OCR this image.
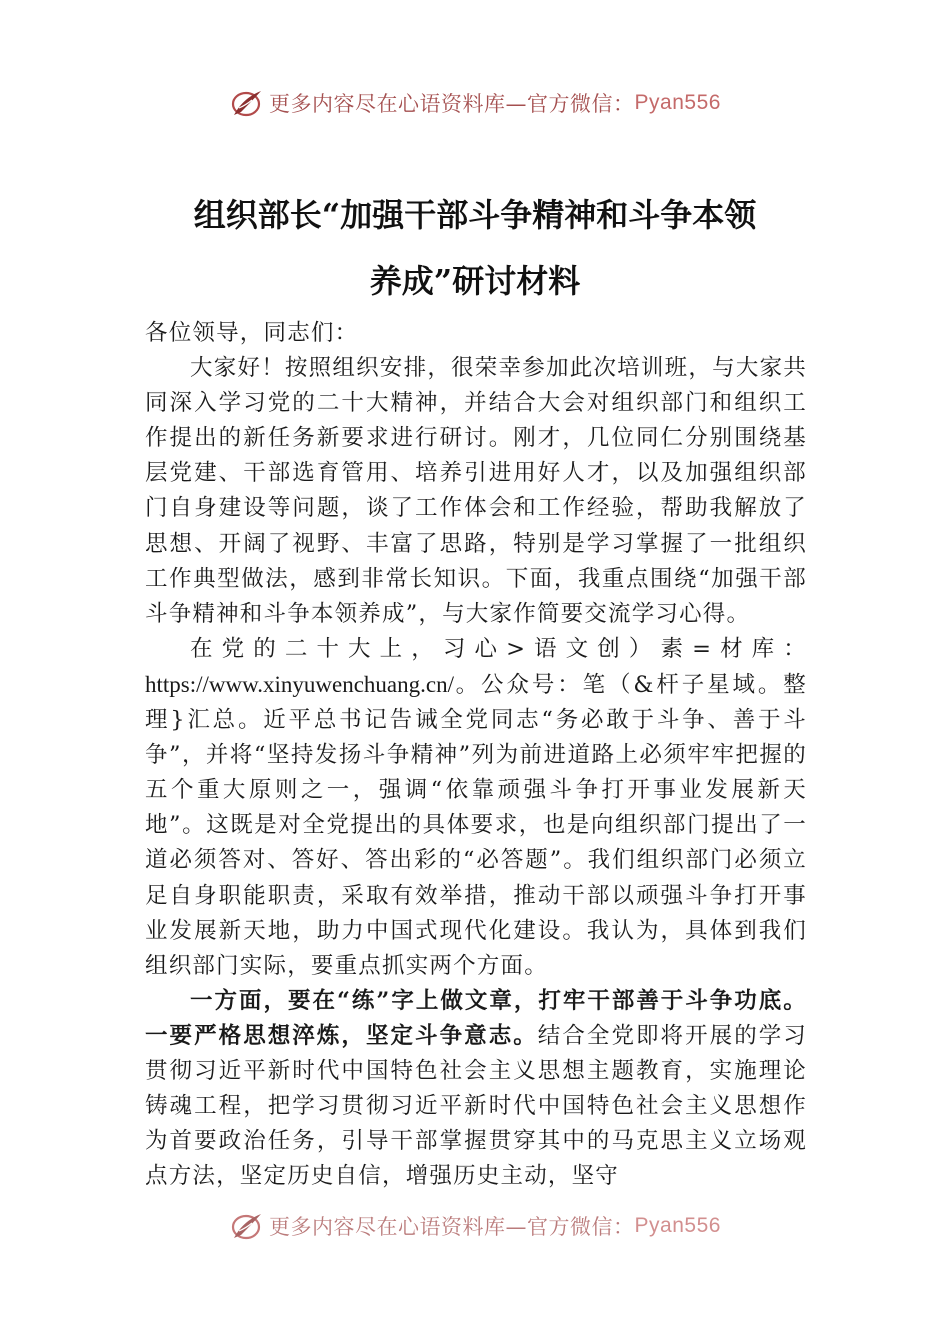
更多内容尽在心语资料库—官方微信：Pyan556
组织部长“加强干部斗争精神和斗争本领
养成”研讨材料

各位领导，同志们：

大家好！按照组织安排，很荣幸参加此次培训班，与大家共同深入学习党的二十大精神，并结合大会对组织部门和组织工作提出的新任务新要求进行研讨。刚才，几位同仁分别围绕基层党建、干部选育管用、培养引进用好人才，以及加强组织部门自身建设等问题，谈了工作体会和工作经验，帮助我解放了思想、开阔了视野、丰富了思路，特别是学习掌握了一批组织工作典型做法，感到非常长知识。下面，我重点围绕“加强干部斗争精神和斗争本领养成”，与大家作简要交流学习心得。

在党的二十大上，习心>语文创）素=材库：https://www.xinyuwenchuang.cn/。公众号：笔（&杆子星域。整理}汇总。近平总书记告诫全党同志“务必敢于斗争、善于斗争”，并将“坚持发扬斗争精神”列为前进道路上必须牢牢把握的五个重大原则之一，强调“依靠顽强斗争打开事业发展新天地”。这既是对全党提出的具体要求，也是向组织部门提出了一道必须答对、答好、答出彩的“必答题”。我们组织部门必须立足自身职能职责，采取有效举措，推动干部以顽强斗争打开事业发展新天地，助力中国式现代化建设。我认为，具体到我们组织部门实际，要重点抓实两个方面。

一方面，要在“练”字上做文章，打牢干部善于斗争功底。一要严格思想淬炼，坚定斗争意志。结合全党即将开展的学习贯彻习近平新时代中国特色社会主义思想主题教育，实施理论铸魂工程，把学习贯彻习近平新时代中国特色社会主义思想作为首要政治任务，引导干部掌握贯穿其中的马克思主义立场观点方法，坚定历史自信，增强历史主动，坚守

更多内容尽在心语资料库—官方微信：Pyan556
